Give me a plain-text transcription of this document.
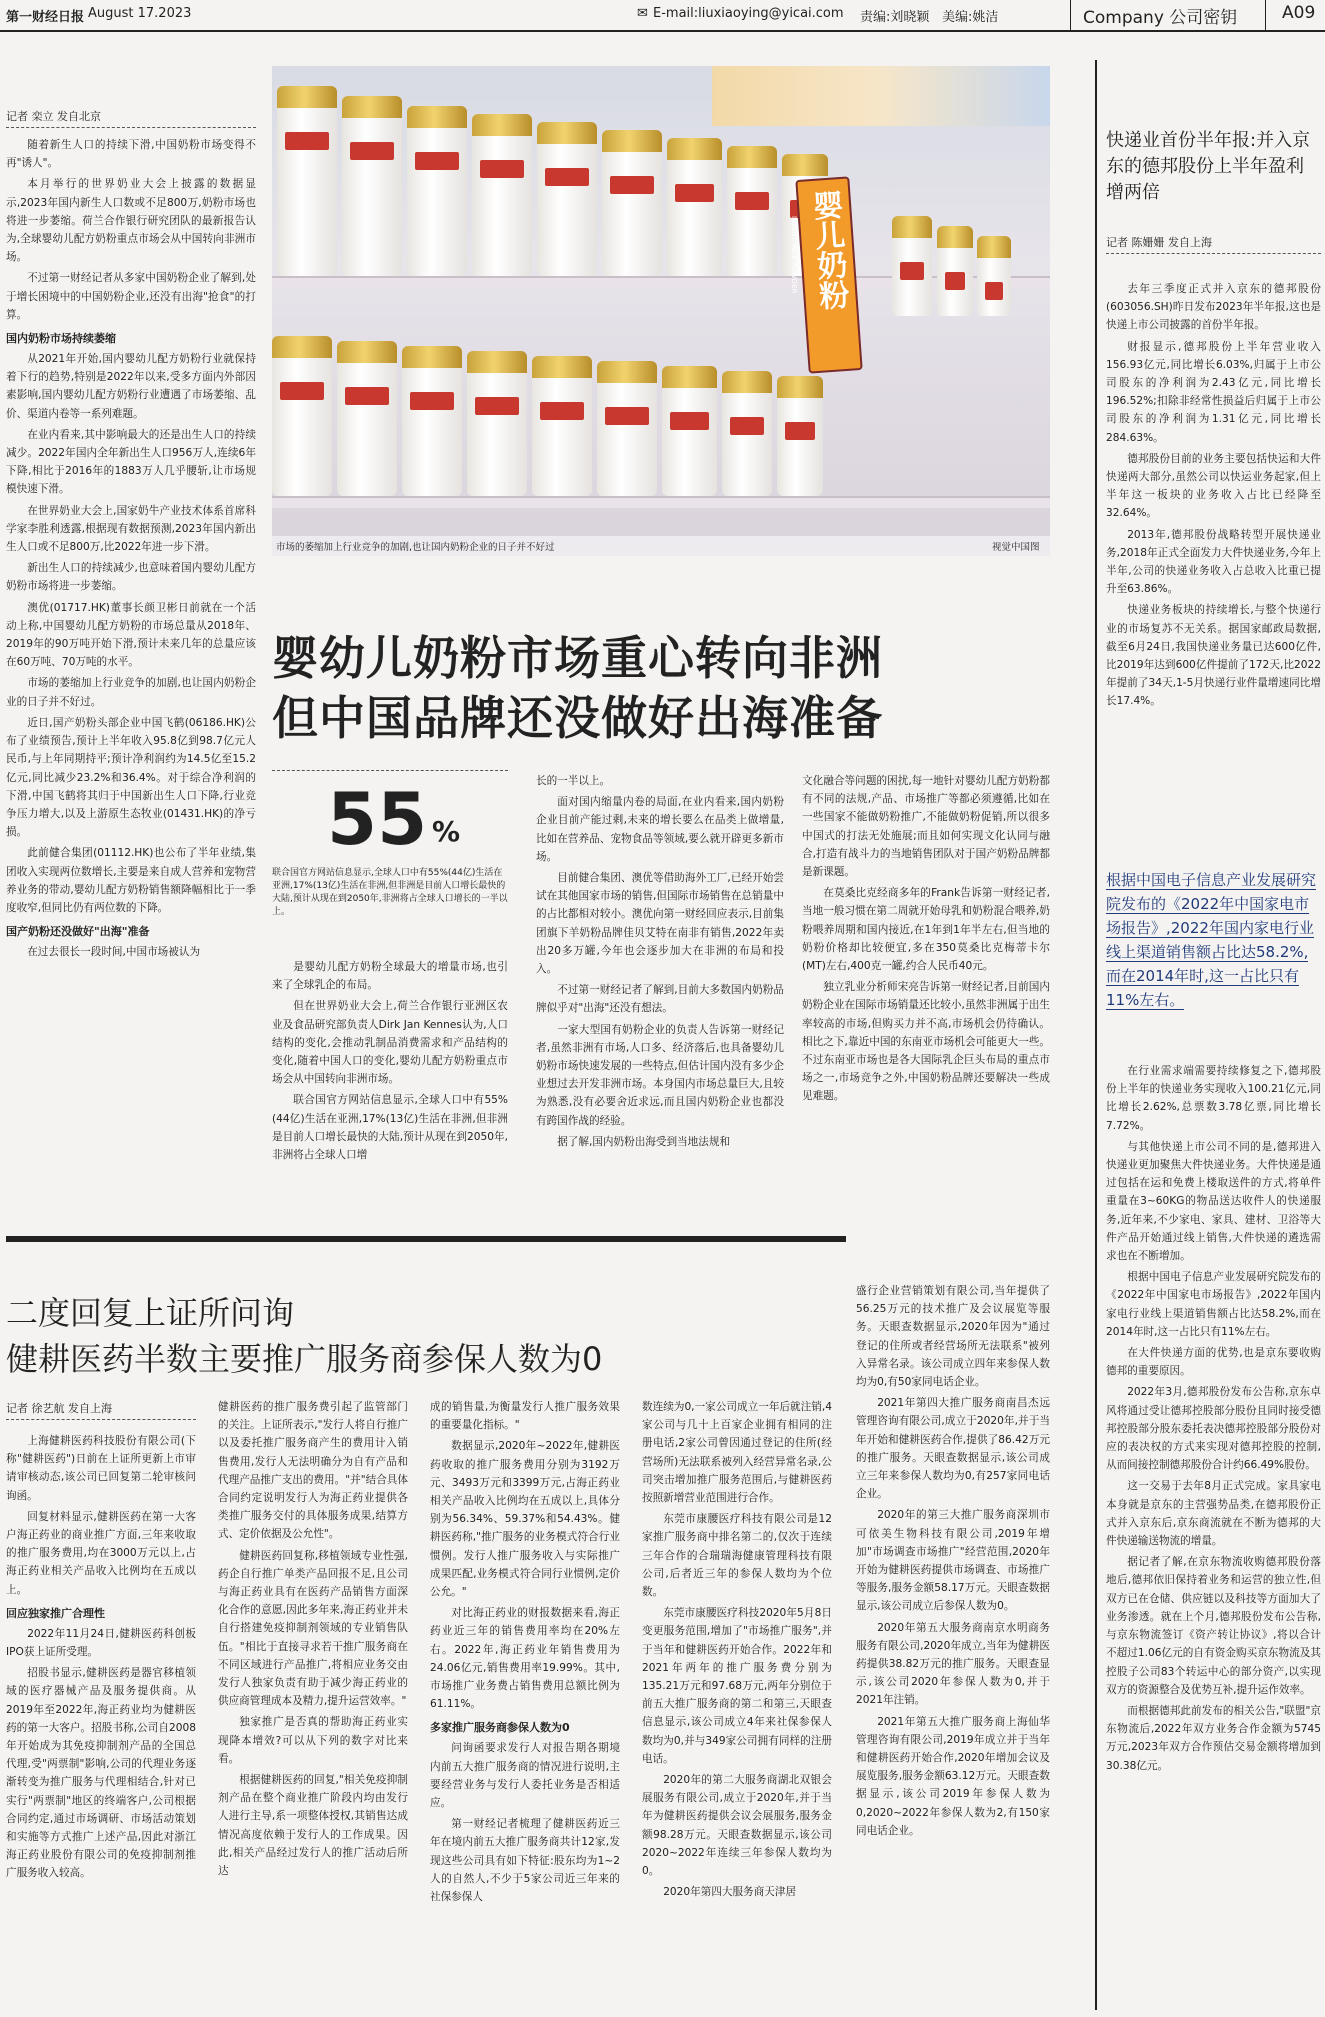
第一财经日报 August 17.2023	✉ E-mail:liuxiaoying@yicai.com 责编:刘晓颖 美编:姚洁	Company 公司密钥	A09
记者 栾立 发自北京

随着新生人口的持续下滑,中国奶粉市场变得不再"诱人"。

本月举行的世界奶业大会上披露的数据显示,2023年国内新生人口数或不足800万,奶粉市场也将进一步萎缩。荷兰合作银行研究团队的最新报告认为,全球婴幼儿配方奶粉重点市场会从中国转向非洲市场。

不过第一财经记者从多家中国奶粉企业了解到,处于增长困境中的中国奶粉企业,还没有出海"抢食"的打算。

国内奶粉市场持续萎缩

从2021年开始,国内婴幼儿配方奶粉行业就保持着下行的趋势,特别是2022年以来,受多方面内外部因素影响,国内婴幼儿配方奶粉行业遭遇了市场萎缩、乱价、渠道内卷等一系列难题。

在业内看来,其中影响最大的还是出生人口的持续减少。2022年国内全年新出生人口956万人,连续6年下降,相比于2016年的1883万人几乎腰斩,让市场规模快速下滑。

在世界奶业大会上,国家奶牛产业技术体系首席科学家李胜利透露,根据现有数据预测,2023年国内新出生人口或不足800万,比2022年进一步下滑。

新出生人口的持续减少,也意味着国内婴幼儿配方奶粉市场将进一步萎缩。

澳优(01717.HK)董事长颜卫彬日前就在一个活动上称,中国婴幼儿配方奶粉的市场总量从2018年、2019年的90万吨开始下滑,预计未来几年的总量应该在60万吨、70万吨的水平。

市场的萎缩加上行业竞争的加剧,也让国内奶粉企业的日子并不好过。

近日,国产奶粉头部企业中国飞鹤(06186.HK)公布了业绩预告,预计上半年收入95.8亿到98.7亿元人民币,与上年同期持平;预计净利润约为14.5亿至15.2亿元,同比减少23.2%和36.4%。对于综合净利润的下滑,中国飞鹤将其归于中国新出生人口下降,行业竞争压力增大,以及上游原生态牧业(01431.HK)的净亏损。

此前健合集团(01112.HK)也公布了半年业绩,集团收入实现两位数增长,主要是来自成人营养和宠物营养业务的带动,婴幼儿配方奶粉销售额降幅相比于一季度收窄,但同比仍有两位数的下降。

国产奶粉还没做好"出海"准备

在过去很长一段时间,中国市场被认为

婴儿奶粉
INFANT MILK POWDER
市场的萎缩加上行业竞争的加剧,也让国内奶粉企业的日子并不好过	视觉中国图
婴幼儿奶粉市场重心转向非洲
但中国品牌还没做好出海准备
55 %
联合国官方网站信息显示,全球人口中有55%(44亿)生活在亚洲,17%(13亿)生活在非洲,但非洲是目前人口增长最快的大陆,预计从现在到2050年,非洲将占全球人口增长的一半以上。

是婴幼儿配方奶粉全球最大的增量市场,也引来了全球乳企的布局。

但在世界奶业大会上,荷兰合作银行亚洲区农业及食品研究部负责人Dirk Jan Kennes认为,人口结构的变化,会推动乳制品消费需求和产品结构的变化,随着中国人口的变化,婴幼儿配方奶粉重点市场会从中国转向非洲市场。

联合国官方网站信息显示,全球人口中有55%(44亿)生活在亚洲,17%(13亿)生活在非洲,但非洲是目前人口增长最快的大陆,预计从现在到2050年,非洲将占全球人口增

长的一半以上。

面对国内缩量内卷的局面,在业内看来,国内奶粉企业目前产能过剩,未来的增长要么在品类上做增量,比如在营养品、宠物食品等领域,要么就开辟更多新市场。

目前健合集团、澳优等借助海外工厂,已经开始尝试在其他国家市场的销售,但国际市场销售在总销量中的占比都相对较小。澳优向第一财经回应表示,目前集团旗下羊奶粉品牌佳贝艾特在南非有销售,2022年卖出20多万罐,今年也会逐步加大在非洲的布局和投入。

不过第一财经记者了解到,目前大多数国内奶粉品牌似乎对"出海"还没有想法。

一家大型国有奶粉企业的负责人告诉第一财经记者,虽然非洲有市场,人口多、经济落后,也具备婴幼儿奶粉市场快速发展的一些特点,但估计国内没有多少企业想过去开发非洲市场。本身国内市场总量巨大,且较为熟悉,没有必要舍近求远,而且国内奶粉企业也都没有跨国作战的经验。

据了解,国内奶粉出海受到当地法规和

文化融合等问题的困扰,每一地针对婴幼儿配方奶粉都有不同的法规,产品、市场推广等都必须遵循,比如在一些国家不能做奶粉推广,不能做奶粉促销,所以很多中国式的打法无处施展;而且如何实现文化认同与融合,打造有战斗力的当地销售团队对于国产奶粉品牌都是新课题。

在莫桑比克经商多年的Frank告诉第一财经记者,当地一般习惯在第二周就开始母乳和奶粉混合喂养,奶粉喂养周期和国内接近,在1年到1年半左右,但当地的奶粉价格却比较便宜,多在350莫桑比克梅蒂卡尔(MT)左右,400克一罐,约合人民币40元。

独立乳业分析师宋亮告诉第一财经记者,目前国内奶粉企业在国际市场销量还比较小,虽然非洲属于出生率较高的市场,但购买力并不高,市场机会仍待确认。相比之下,靠近中国的东南亚市场机会可能更大一些。不过东南亚市场也是各大国际乳企巨头布局的重点市场之一,市场竞争之外,中国奶粉品牌还要解决一些成见难题。

快递业首份半年报:并入京东的德邦股份上半年盈利增两倍
记者 陈姗姗 发自上海

去年三季度正式并入京东的德邦股份(603056.SH)昨日发布2023年半年报,这也是快递上市公司披露的首份半年报。

财报显示,德邦股份上半年营业收入156.93亿元,同比增长6.03%,归属于上市公司股东的净利润为2.43亿元,同比增长196.52%;扣除非经常性损益后归属于上市公司股东的净利润为1.31亿元,同比增长284.63%。

德邦股份目前的业务主要包括快运和大件快递两大部分,虽然公司以快运业务起家,但上半年这一板块的业务收入占比已经降至32.64%。

2013年,德邦股份战略转型开展快递业务,2018年正式全面发力大件快递业务,今年上半年,公司的快递业务收入占总收入比重已提升至63.86%。

快递业务板块的持续增长,与整个快递行业的市场复苏不无关系。据国家邮政局数据,截至6月24日,我国快递业务量已达600亿件,比2019年达到600亿件提前了172天,比2022年提前了34天,1-5月快递行业件量增速同比增长17.4%。

根据中国电子信息产业发展研究院发布的《2022年中国家电市场报告》,2022年国内家电行业线上渠道销售额占比达58.2%,而在2014年时,这一占比只有11%左右。

在行业需求端需要持续修复之下,德邦股份上半年的快递业务实现收入100.21亿元,同比增长2.62%,总票数3.78亿票,同比增长7.72%。

与其他快递上市公司不同的是,德邦进入快递业更加聚焦大件快递业务。大件快递是通过包括在运和免费上楼取送件的方式,将单件重量在3~60KG的物品送达收件人的快递服务,近年来,不少家电、家具、建材、卫浴等大件产品开始通过线上销售,大件快递的遴选需求也在不断增加。

根据中国电子信息产业发展研究院发布的《2022年中国家电市场报告》,2022年国内家电行业线上渠道销售额占比达58.2%,而在2014年时,这一占比只有11%左右。

在大件快递方面的优势,也是京东要收购德邦的重要原因。

2022年3月,德邦股份发布公告称,京东卓风将通过受让德邦控股部分股份且同时接受德邦控股部分股东委托表决德邦控股部分股份对应的表决权的方式来实现对德邦控股的控制,从而间接控制德邦股份合计约66.49%股份。

这一交易于去年8月正式完成。家具家电本身就是京东的主营强势品类,在德邦股份正式并入京东后,京东商流就在不断为德邦的大件快递输送物流的增量。

据记者了解,在京东物流收购德邦股份落地后,德邦依旧保持着业务和运营的独立性,但双方已在仓储、供应链以及科技等方面加大了业务渗透。就在上个月,德邦股份发布公告称,与京东物流签订《资产转让协议》,将以合计不超过1.06亿元的自有资金购买京东物流及其控股子公司83个转运中心的部分资产,以实现双方的资源整合及优势互补,提升运作效率。

而根据德邦此前发布的相关公告,"联盟"京东物流后,2022年双方业务合作金额为5745万元,2023年双方合作预估交易金额将增加到30.38亿元。

二度回复上证所问询
健耕医药半数主要推广服务商参保人数为0
记者 徐艺航 发自上海

上海健耕医药科技股份有限公司(下称"健耕医药")日前在上证所更新上市审请审核动态,该公司已回复第二轮审核问询函。

回复材料显示,健耕医药在第一大客户海正药业的商业推广方面,三年来收取的推广服务费用,均在3000万元以上,占海正药业相关产品收入比例均在五成以上。

回应独家推广合理性

2022年11月24日,健耕医药科创板IPO获上证所受理。

招股书显示,健耕医药是器官移植领域的医疗器械产品及服务提供商。从2019年至2022年,海正药业均为健耕医药的第一大客户。招股书称,公司自2008年开始成为其免疫抑制剂产品的全国总代理,受"两票制"影响,公司的代理业务逐渐转变为推广服务与代理相结合,针对已实行"两票制"地区的终端客户,公司根据合同约定,通过市场调研、市场活动策划和实施等方式推广上述产品,因此对浙江海正药业股份有限公司的免疫抑制剂推广服务收入较高。

健耕医药的推广服务费引起了监管部门的关注。上证所表示,"发行人将自行推广以及委托推广服务商产生的费用计入销售费用,发行人无法明确分为自有产品和代理产品推广支出的费用。"并"结合具体合同约定说明发行人为海正药业提供各类推广服务交付的具体服务成果,结算方式、定价依据及公允性"。

健耕医药回复称,移植领域专业性强,药企自行推广单类产品回报不足,且公司与海正药业具有在医药产品销售方面深化合作的意愿,因此多年来,海正药业并未自行搭建免疫抑制剂领域的专业销售队伍。"相比于直接寻求若干推广服务商在不同区域进行产品推广,将相应业务交由发行人独家负责有助于减少海正药业的供应商管理成本及精力,提升运营效率。"

独家推广是否真的帮助海正药业实现降本增效?可以从下列的数字对比来看。

根据健耕医药的回复,"相关免疫抑制剂产品在整个商业推广阶段内均由发行人进行主导,系一项整体授权,其销售达成情况高度依赖于发行人的工作成果。因此,相关产品经过发行人的推广活动后所达

成的销售量,为衡量发行人推广服务效果的重要量化指标。"

数据显示,2020年~2022年,健耕医药收取的推广服务费用分别为3192万元、3493万元和3399万元,占海正药业相关产品收入比例均在五成以上,具体分别为56.34%、59.37%和54.43%。健耕医药称,"推广服务的业务模式符合行业惯例。发行人推广服务收入与实际推广成果匹配,业务模式符合同行业惯例,定价公允。"

对比海正药业的财报数据来看,海正药业近三年的销售费用率均在20%左右。2022年,海正药业年销售费用为24.06亿元,销售费用率19.99%。其中,市场推广业务费占销售费用总额比例为61.11%。

多家推广服务商参保人数为0

问询函要求发行人对报告期各期境内前五大推广服务商的情况进行说明,主要经营业务与发行人委托业务是否相适应。

第一财经记者梳理了健耕医药近三年在境内前五大推广服务商共计12家,发现这些公司具有如下特征:股东均为1~2人的自然人,不少于5家公司近三年来的社保参保人

数连续为0,一家公司成立一年后就注销,4家公司与几十上百家企业拥有相同的注册电话,2家公司曾因通过登记的住所(经营场所)无法联系被列入经营异常名录,公司突击增加推广服务范围后,与健耕医药按照新增营业范围进行合作。

东莞市康腰医疗科技有限公司是12家推广服务商中排名第二的,仅次于连续三年合作的合瑞瑞海健康管理科技有限公司,后者近三年的参保人数均为个位数。

东莞市康腰医疗科技2020年5月8日变更服务范围,增加了"市场推广服务",并于当年和健耕医药开始合作。2022年和2021年两年的推广服务费分别为135.21万元和97.68万元,两年分别位于前五大推广服务商的第二和第三,天眼查信息显示,该公司成立4年来社保参保人数均为0,并与349家公司拥有同样的注册电话。

2020年的第二大服务商湖北双银会展服务有限公司,成立于2020年,并于当年为健耕医药提供会议会展服务,服务金额98.28万元。天眼查数据显示,该公司2020~2022年连续三年参保人数均为0。

2020年第四大服务商天津居

盛行企业营销策划有限公司,当年提供了56.25万元的技术推广及会议展览等服务。天眼查数据显示,2020年因为"通过登记的住所或者经营场所无法联系"被列入异常名录。该公司成立四年来参保人数均为0,有50家同电话企业。

2021年第四大推广服务商南昌杰远管理咨询有限公司,成立于2020年,并于当年开始和健耕医药合作,提供了86.42万元的推广服务。天眼查数据显示,该公司成立三年来参保人数均为0,有257家同电话企业。

2020年的第三大推广服务商深圳市可依美生物科技有限公司,2019年增加"市场调查市场推广"经营范围,2020年开始为健耕医药提供市场调查、市场推广等服务,服务金额58.17万元。天眼查数据显示,该公司成立后参保人数为0。

2020年第五大服务商南京水明商务服务有限公司,2020年成立,当年为健耕医药提供38.82万元的推广服务。天眼查显示,该公司2020年参保人数为0,并于2021年注销。

2021年第五大推广服务商上海仙华管理咨询有限公司,2019年成立并于当年和健耕医药开始合作,2020年增加会议及展览服务,服务金额63.12万元。天眼查数据显示,该公司2019年参保人数为0,2020~2022年参保人数为2,有150家同电话企业。
